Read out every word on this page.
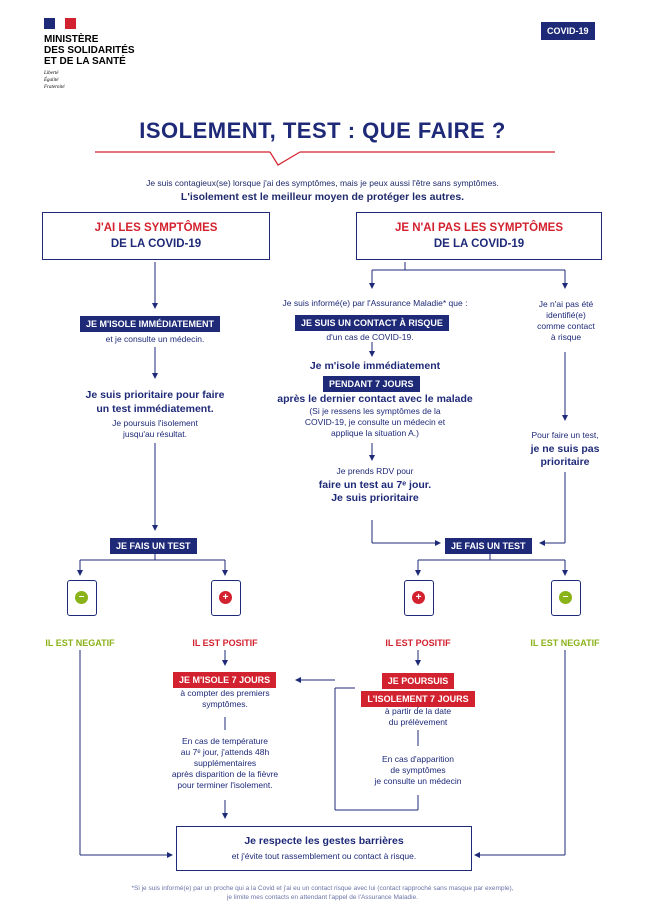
MINISTÈRE
DES SOLIDARITÉS
ET DE LA SANTÉ
Liberté
Égalité
Fraternité
COVID-19
ISOLEMENT, TEST : QUE FAIRE ?
Je suis contagieux(se) lorsque j'ai des symptômes, mais je peux aussi l'être sans symptômes.
L'isolement est le meilleur moyen de protéger les autres.
J'AI LES SYMPTÔMES
DE LA COVID-19
JE N'AI PAS LES SYMPTÔMES
DE LA COVID-19
JE M'ISOLE IMMÉDIATEMENT
et je consulte un médecin.
Je suis prioritaire pour faire
un test immédiatement.
Je poursuis l'isolement
jusqu'au résultat.
Je suis informé(e) par l'Assurance Maladie* que :
JE SUIS UN CONTACT À RISQUE
d'un cas de COVID-19.
Je m'isole immédiatement
PENDANT 7 JOURS
après le dernier contact avec le malade
(Si je ressens les symptômes de la
COVID-19, je consulte un médecin et
applique la situation A.)
Je prends RDV pour
faire un test au 7ᵉ jour.
Je suis prioritaire
Je n'ai pas été
identifié(e)
comme contact
à risque
Pour faire un test,
je ne suis pas
prioritaire
JE FAIS UN TEST	JE FAIS UN TEST
–	+	+	–
IL EST NEGATIF	IL EST POSITIF	IL EST POSITIF	IL EST NEGATIF
JE M'ISOLE 7 JOURS
à compter des premiers
symptômes.
En cas de température
au 7ᵉ jour, j'attends 48h
supplémentaires
après disparition de la fièvre
pour terminer l'isolement.
JE POURSUIS
L'ISOLEMENT 7 JOURS
à partir de la date
du prélèvement
En cas d'apparition
de symptômes
je consulte un médecin
Je respecte les gestes barrières
et j'évite tout rassemblement ou contact à risque.
*Si je suis informé(e) par un proche qui a la Covid et j'ai eu un contact risque avec lui (contact rapproché sans masque par exemple),
je limite mes contacts en attendant l'appel de l'Assurance Maladie.
